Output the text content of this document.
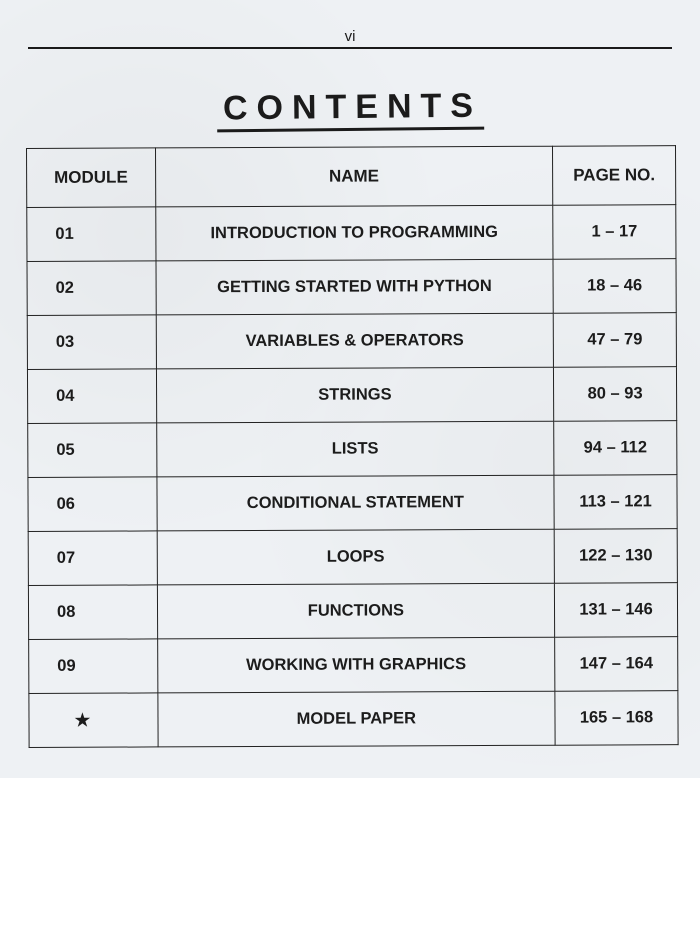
vi
CONTENTS
MODULE	NAME	PAGE NO.
01	INTRODUCTION TO PROGRAMMING	1 – 17
02	GETTING STARTED WITH PYTHON	18 – 46
03	VARIABLES & OPERATORS	47 – 79
04	STRINGS	80 – 93
05	LISTS	94 – 112
06	CONDITIONAL STATEMENT	113 – 121
07	LOOPS	122 – 130
08	FUNCTIONS	131 – 146
09	WORKING WITH GRAPHICS	147 – 164
★	MODEL PAPER	165 – 168
